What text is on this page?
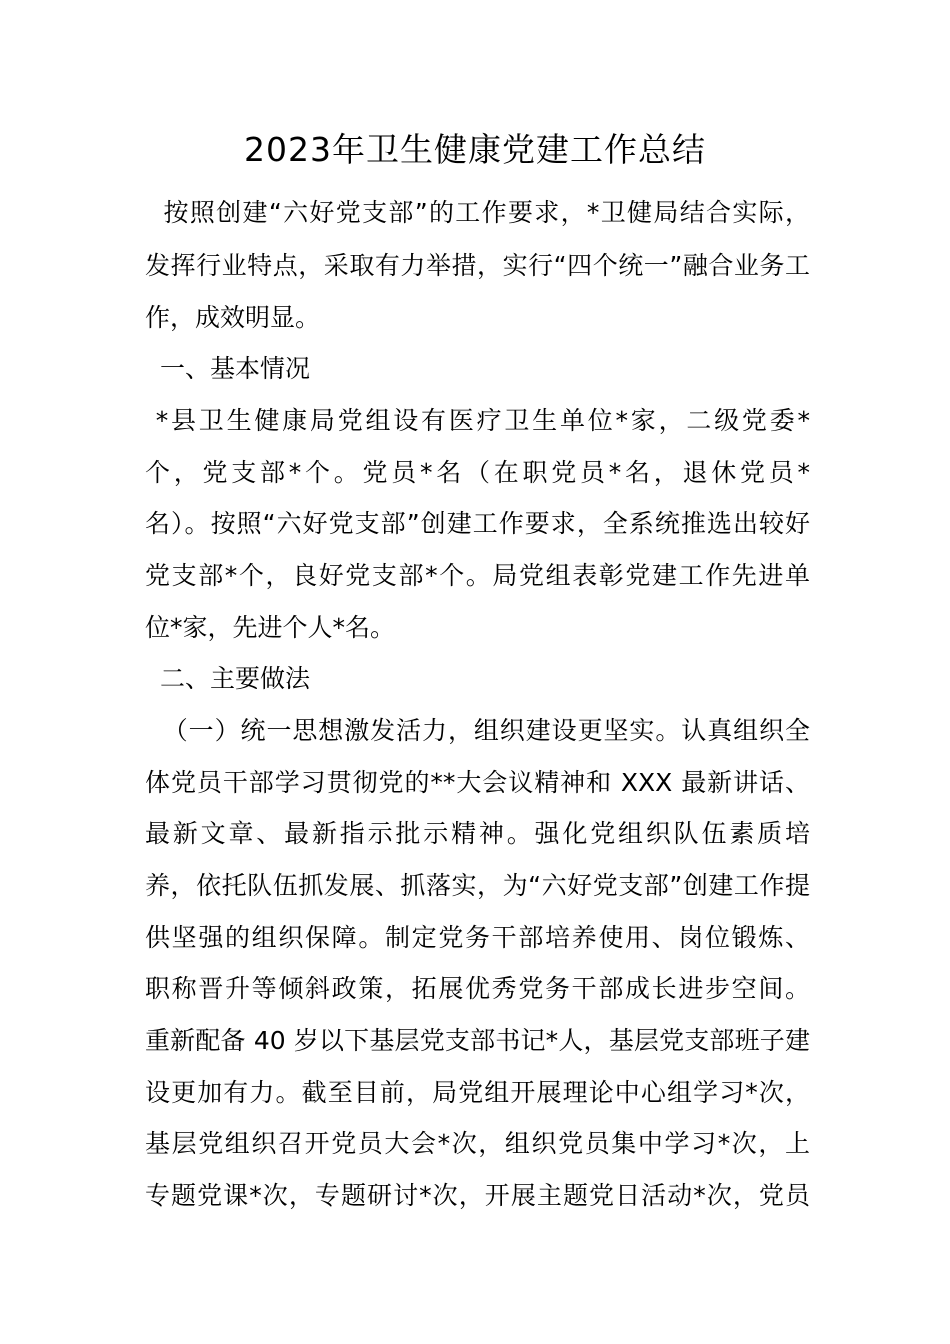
2023年卫生健康党建工作总结
按照创建“六好党支部”的工作要求，*卫健局结合实际，
发挥行业特点，采取有力举措，实行“四个统一”融合业务工
作，成效明显。
一、基本情况
*县卫生健康局党组设有医疗卫生单位*家，二级党委*
个，党支部*个。党员*名（在职党员*名，退休党员*
名）。按照“六好党支部”创建工作要求，全系统推选出较好
党支部*个，良好党支部*个。局党组表彰党建工作先进单
位*家，先进个人*名。
二、主要做法
（一）统一思想激发活力，组织建设更坚实。认真组织全
体党员干部学习贯彻党的**大会议精神和 XXX 最新讲话、
最新文章、最新指示批示精神。强化党组织队伍素质培
养，依托队伍抓发展、抓落实，为“六好党支部”创建工作提
供坚强的组织保障。制定党务干部培养使用、岗位锻炼、
职称晋升等倾斜政策，拓展优秀党务干部成长进步空间。
重新配备 40 岁以下基层党支部书记*人，基层党支部班子建
设更加有力。截至目前，局党组开展理论中心组学习*次，
基层党组织召开党员大会*次，组织党员集中学习*次，上
专题党课*次，专题研讨*次，开展主题党日活动*次，党员
